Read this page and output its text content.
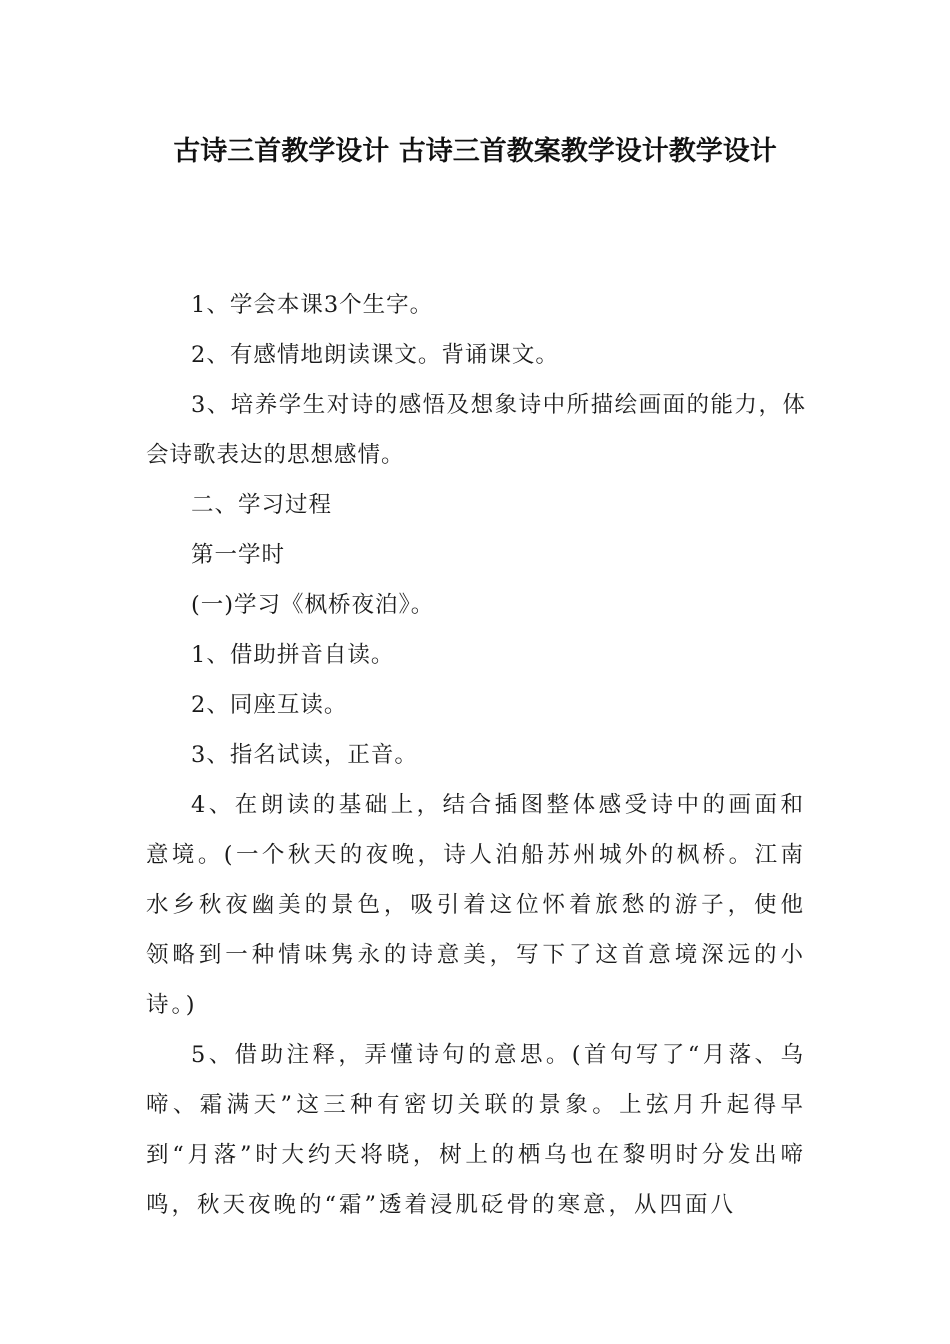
古诗三首教学设计 古诗三首教案教学设计教学设计

1、学会本课3个生字。

2、有感情地朗读课文。背诵课文。

3、培养学生对诗的感悟及想象诗中所描绘画面的能力，体会诗歌表达的思想感情。

二、学习过程

第一学时

(一)学习《枫桥夜泊》。

1、借助拼音自读。

2、同座互读。

3、指名试读，正音。

4、在朗读的基础上，结合插图整体感受诗中的画面和意境。(一个秋天的夜晚，诗人泊船苏州城外的枫桥。江南水乡秋夜幽美的景色，吸引着这位怀着旅愁的游子，使他领略到一种情味隽永的诗意美，写下了这首意境深远的小诗。)

5、借助注释，弄懂诗句的意思。(首句写了“月落、乌啼、霜满天”这三种有密切关联的景象。上弦月升起得早到“月落”时大约天将晓，树上的栖乌也在黎明时分发出啼鸣，秋天夜晚的“霜”透着浸肌砭骨的寒意，从四面八
